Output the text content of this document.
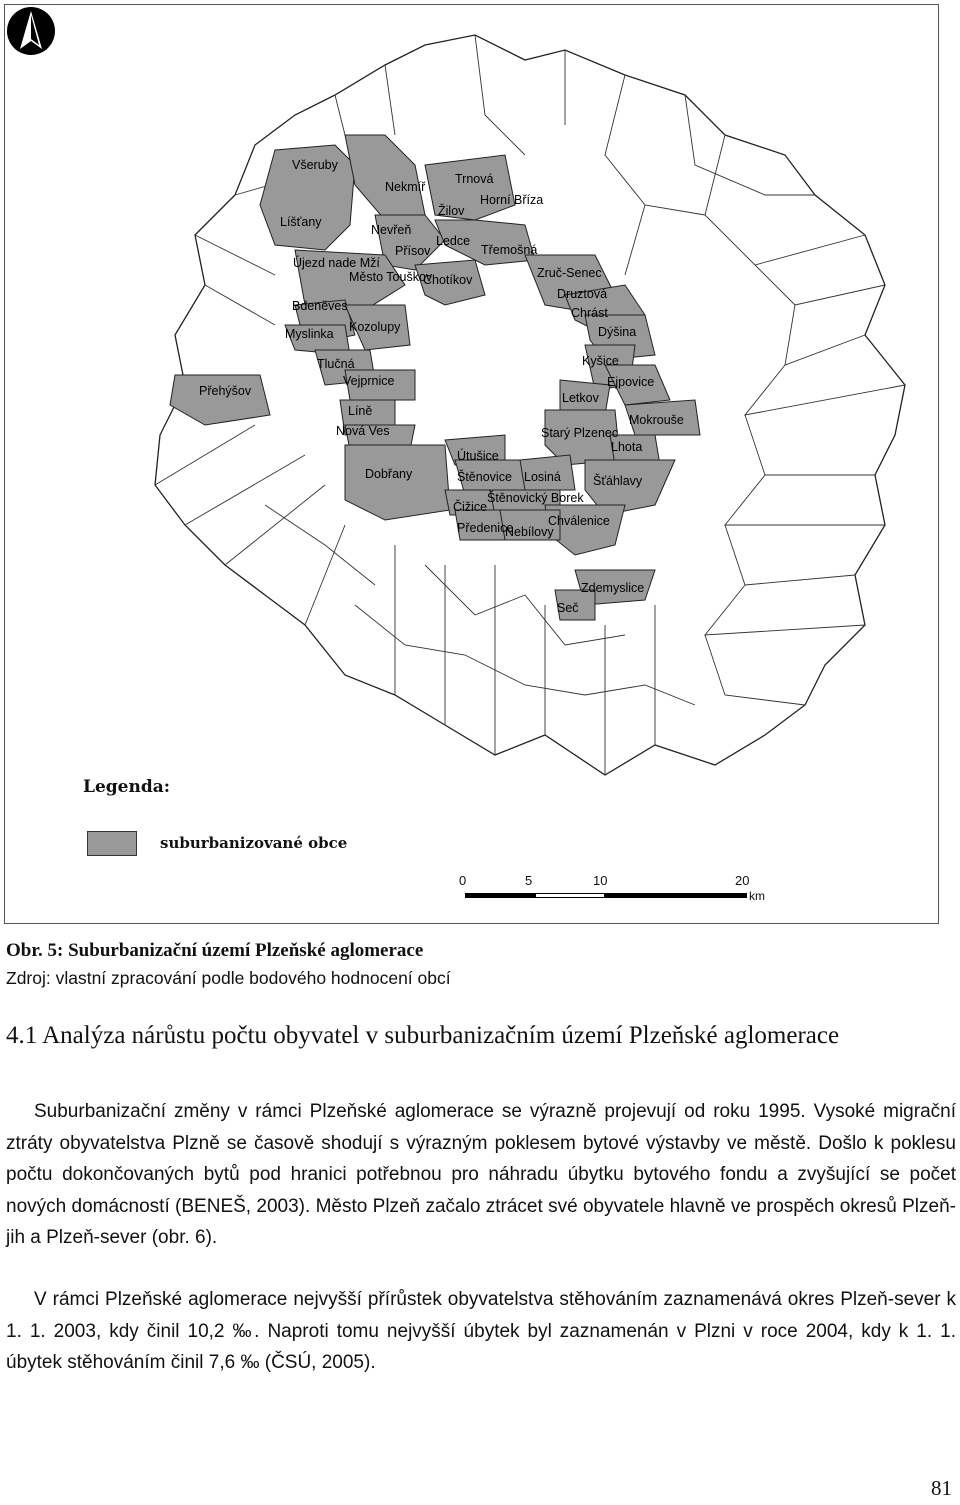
Všeruby
Nekmíř
Trnová
Horní Bříza
Líšťany
Žilov
Nevřeň
Ledce
Přísov	Třemošná
Újezd nade Mží
Město Touškov
Chotíkov	Zruč-Senec
Druztová
Bdeněves	Chrást
Myslinka Kozolupy	Dýšina
Tlučná	Kyšice
Vejprnice	Ejpovice
Přehýšov	Letkov
Líně
Mokrouše
Nová Ves	Starý Plzenec
Lhota
Útušice
Dobřany	Šťáhlavy
Štěnovice Losiná
Čižice
Štěnovický Borek
Chválenice
Předenice
Nebílovy
Zdemyslice
Seč
Legenda:
suburbanizované obce
0	5	10	20
km
Obr. 5: Suburbanizační území Plzeňské aglomerace
Zdroj: vlastní zpracování podle bodového hodnocení obcí
4.1 Analýza nárůstu počtu obyvatel v suburbanizačním území Plzeňské aglomerace
Suburbanizační změny v rámci Plzeňské aglomerace se výrazně projevují od roku 1995. Vysoké migrační ztráty obyvatelstva Plzně se časově shodují s výrazným poklesem bytové výstavby ve městě. Došlo k poklesu počtu dokončovaných bytů pod hranici potřebnou pro náhradu úbytku bytového fondu a zvyšující se počet nových domácností (BENEŠ, 2003). Město Plzeň začalo ztrácet své obyvatele hlavně ve prospěch okresů Plzeň-jih a Plzeň-sever (obr. 6).
V rámci Plzeňské aglomerace nejvyšší přírůstek obyvatelstva stěhováním zaznamenává okres Plzeň-sever k 1. 1. 2003, kdy činil 10,2 ‰. Naproti tomu nejvyšší úbytek byl zaznamenán v Plzni v roce 2004, kdy k 1. 1. úbytek stěhováním činil 7,6 ‰ (ČSÚ, 2005).
81
